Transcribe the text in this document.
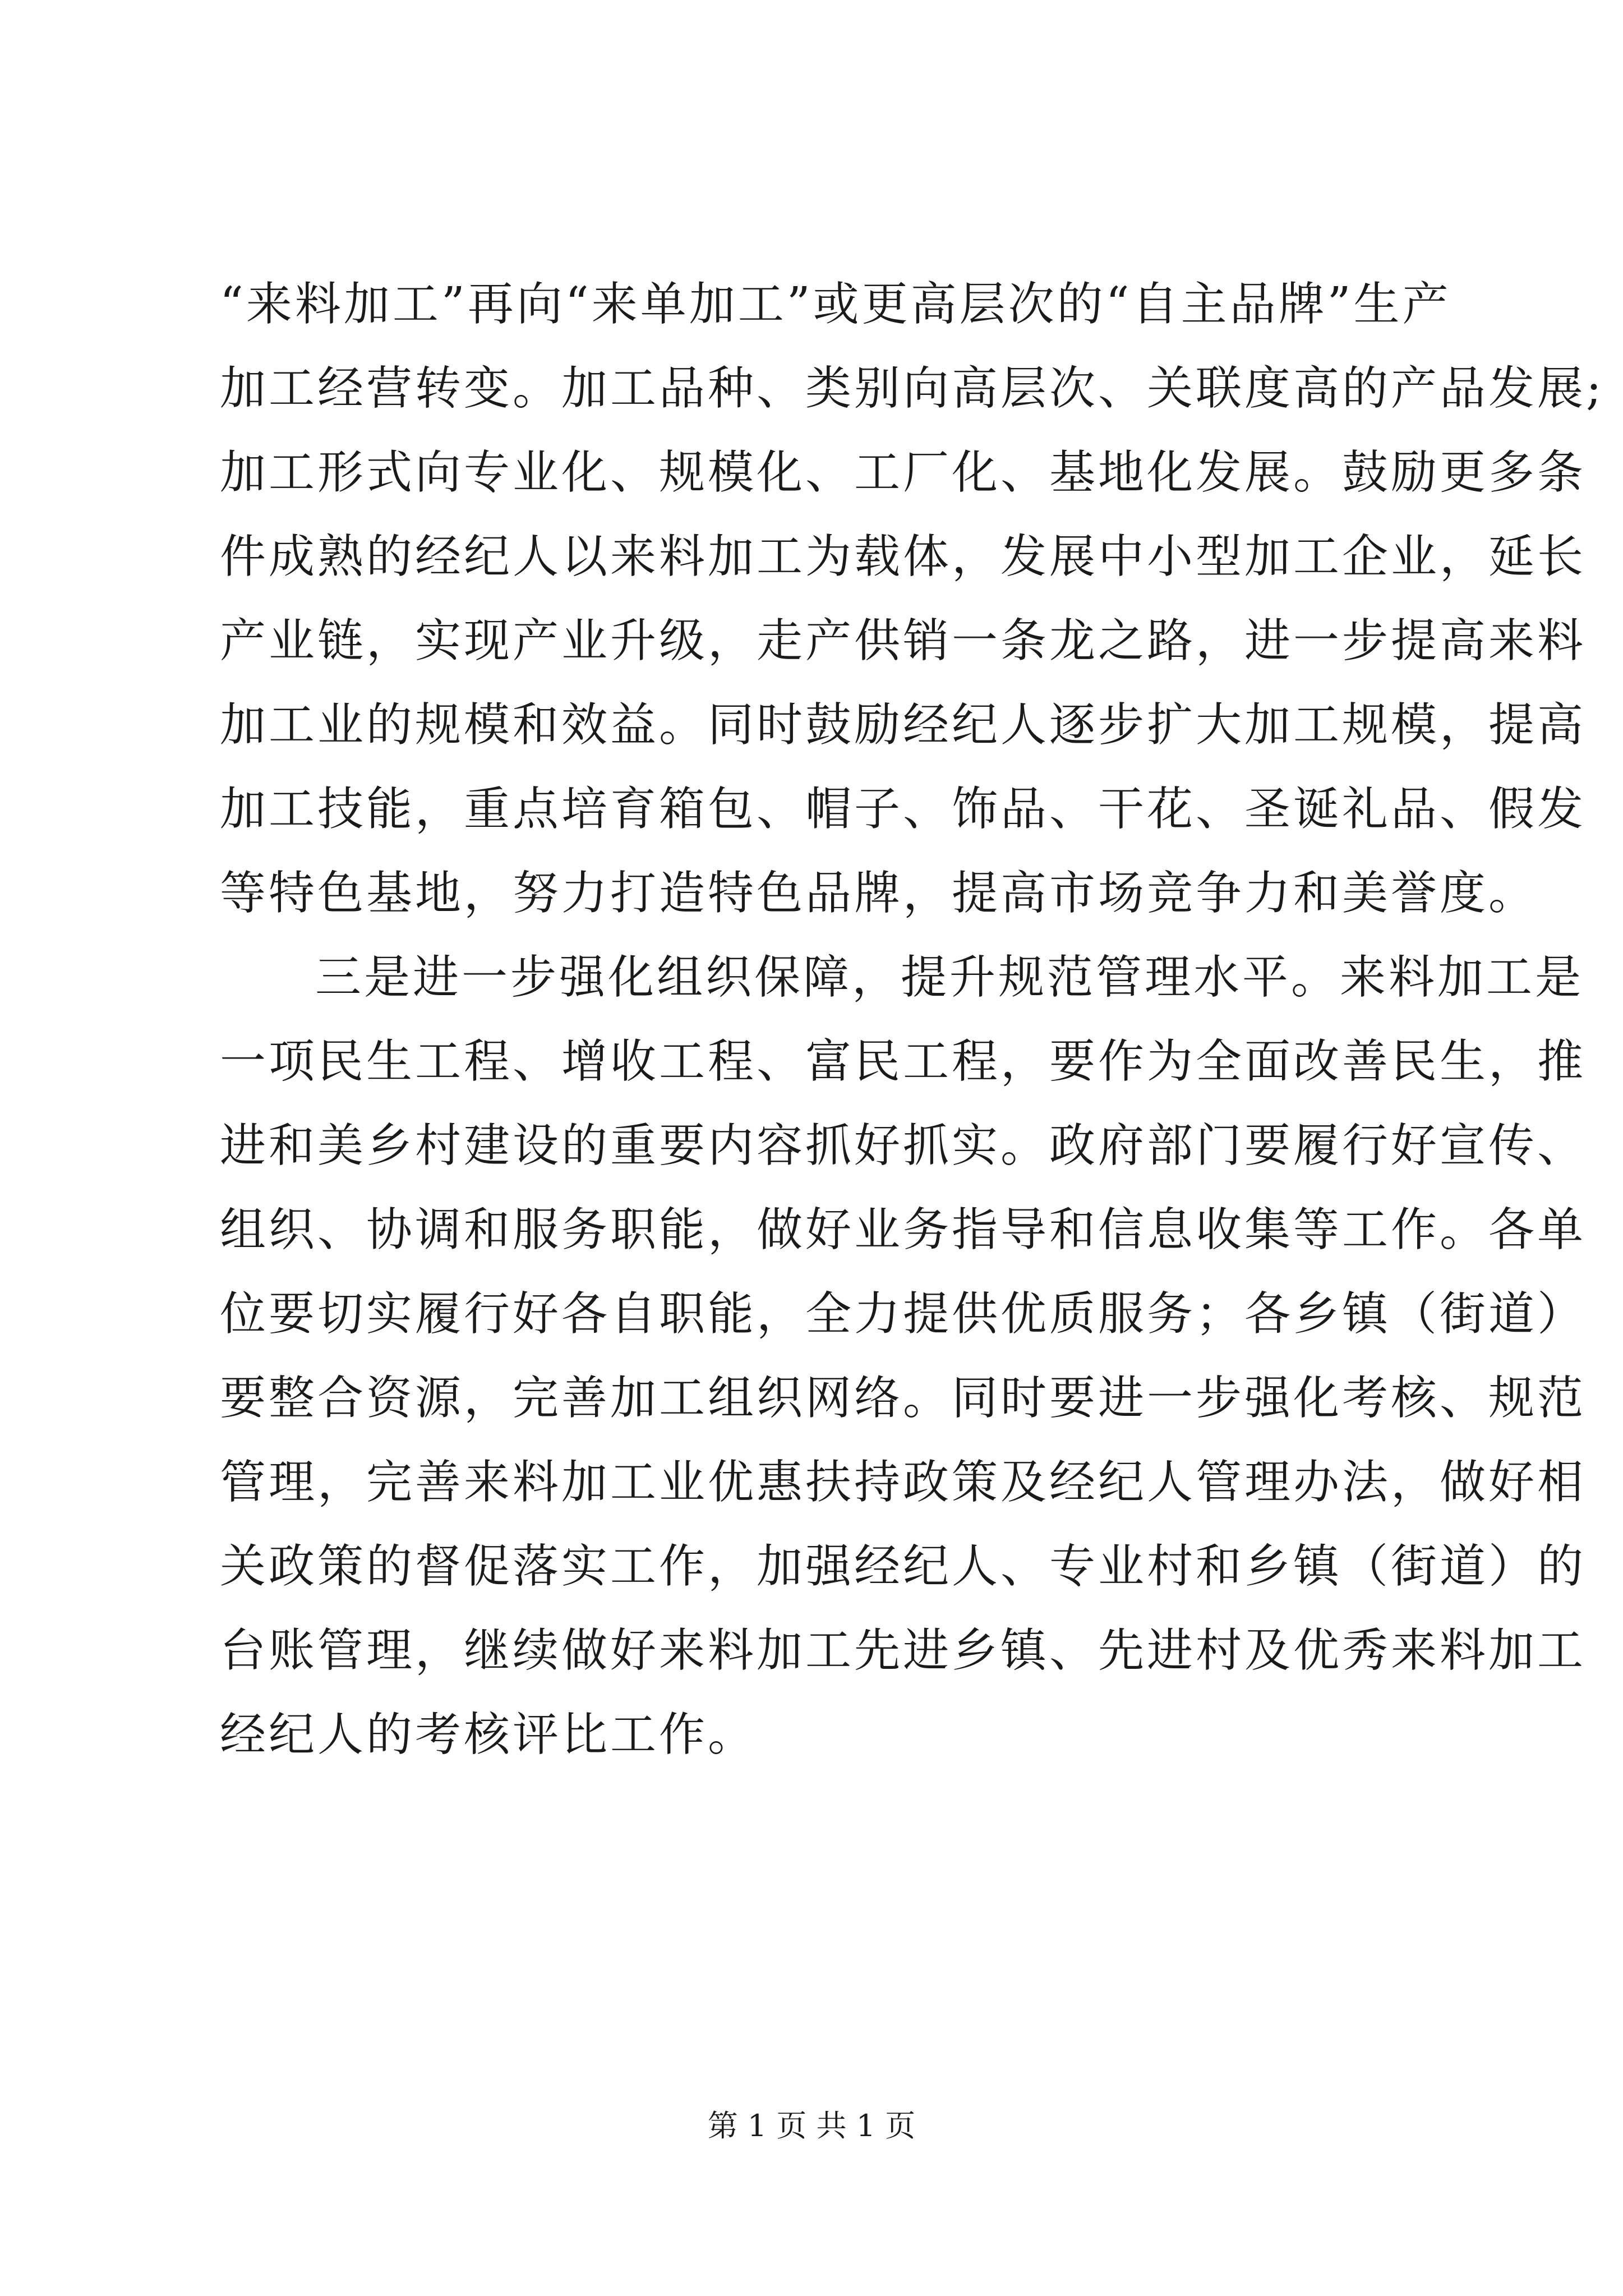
“来料加工”再向“来单加工”或更高层次的“自主品牌”生产
加工经营转变。加工品种、类别向高层次、关联度高的产品发展;
加工形式向专业化、规模化、工厂化、基地化发展。鼓励更多条
件成熟的经纪人以来料加工为载体，发展中小型加工企业，延长
产业链，实现产业升级，走产供销一条龙之路，进一步提高来料
加工业的规模和效益。同时鼓励经纪人逐步扩大加工规模，提高
加工技能，重点培育箱包、帽子、饰品、干花、圣诞礼品、假发
等特色基地，努力打造特色品牌，提高市场竞争力和美誉度。
三是进一步强化组织保障，提升规范管理水平。来料加工是
一项民生工程、增收工程、富民工程，要作为全面改善民生，推
进和美乡村建设的重要内容抓好抓实。政府部门要履行好宣传、
组织、协调和服务职能，做好业务指导和信息收集等工作。各单
位要切实履行好各自职能，全力提供优质服务；各乡镇（街道）
要整合资源，完善加工组织网络。同时要进一步强化考核、规范
管理，完善来料加工业优惠扶持政策及经纪人管理办法，做好相
关政策的督促落实工作，加强经纪人、专业村和乡镇（街道）的
台账管理，继续做好来料加工先进乡镇、先进村及优秀来料加工
经纪人的考核评比工作。
第 1 页 共 1 页
